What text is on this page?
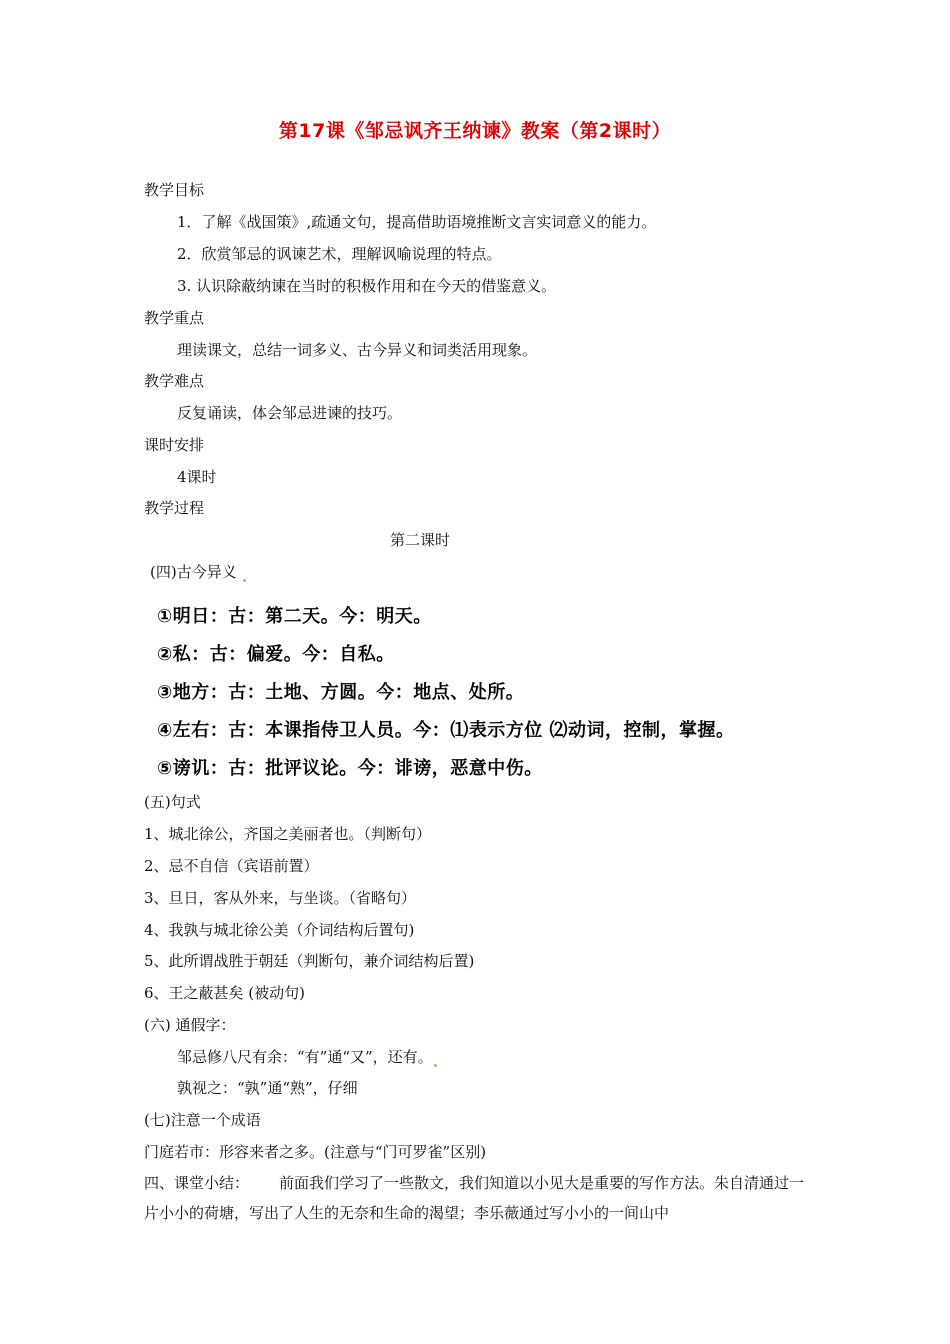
第17课《邹忌讽齐王纳谏》教案（第2课时）
教学目标
1．了解《战国策》,疏通文句，提高借助语境推断文言实词意义的能力。
2．欣赏邹忌的讽谏艺术，理解讽喻说理的特点。
3. 认识除蔽纳谏在当时的积极作用和在今天的借鉴意义。
教学重点
理读课文，总结一词多义、古今异义和词类活用现象。
教学难点
反复诵读，体会邹忌进谏的技巧。
课时安排
4课时
教学过程
第二课时
(四)古今异义
①明日：古：第二天。今：明天。
②私：古：偏爱。今：自私。
③地方：古：土地、方圆。今：地点、处所。
④左右：古：本课指侍卫人员。今：⑴表示方位 ⑵动词，控制，掌握。
⑤谤讥：古：批评议论。今：诽谤，恶意中伤。
(五)句式
1、城北徐公，齐国之美丽者也。（判断句）
2、忌不自信（宾语前置）
3、旦日，客从外来，与坐谈。（省略句）
4、我孰与城北徐公美（介词结构后置句)
5、此所谓战胜于朝廷（判断句，兼介词结构后置)
6、王之蔽甚矣 (被动句)
(六) 通假字：
邹忌修八尺有余：“有”通“又”，还有。
孰视之：“孰”通“熟”，仔细
(七)注意一个成语
门庭若市：形容来者之多。(注意与“门可罗雀”区别)
四、课堂小结： 前面我们学习了一些散文，我们知道以小见大是重要的写作方法。朱自清通过一片小小的荷塘，写出了人生的无奈和生命的渴望；李乐薇通过写小小的一间山中
